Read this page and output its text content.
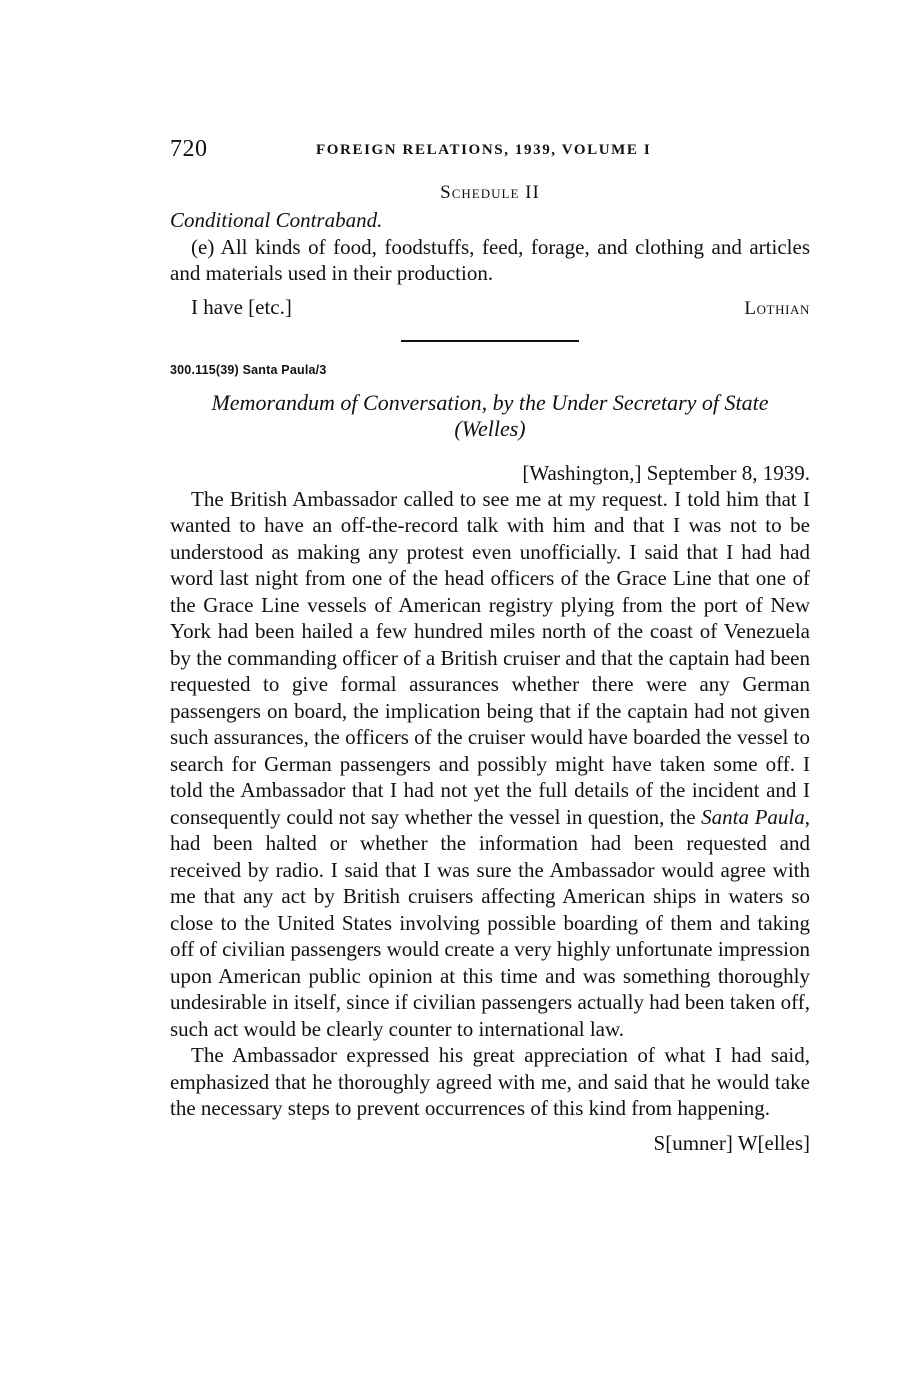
720	FOREIGN RELATIONS, 1939, VOLUME I
Schedule II
Conditional Contraband.
(e) All kinds of food, foodstuffs, feed, forage, and clothing and articles and materials used in their production.
I have [etc.]	Lothian
300.115(39) Santa Paula/3
Memorandum of Conversation, by the Under Secretary of State
(Welles)
[Washington,] September 8, 1939.

The British Ambassador called to see me at my request. I told him that I wanted to have an off-the-record talk with him and that I was not to be understood as making any protest even unofficially. I said that I had had word last night from one of the head officers of the Grace Line that one of the Grace Line vessels of American registry plying from the port of New York had been hailed a few hundred miles north of the coast of Venezuela by the commanding officer of a British cruiser and that the captain had been requested to give formal assurances whether there were any German passengers on board, the implication being that if the captain had not given such assurances, the officers of the cruiser would have boarded the vessel to search for German passengers and possibly might have taken some off. I told the Ambassador that I had not yet the full details of the incident and I consequently could not say whether the vessel in question, the Santa Paula, had been halted or whether the information had been requested and received by radio. I said that I was sure the Ambassador would agree with me that any act by British cruisers affecting American ships in waters so close to the United States involving possible boarding of them and taking off of civilian passengers would create a very highly unfortunate impression upon American public opinion at this time and was something thoroughly undesirable in itself, since if civilian passengers actually had been taken off, such act would be clearly counter to international law.

The Ambassador expressed his great appreciation of what I had said, emphasized that he thoroughly agreed with me, and said that he would take the necessary steps to prevent occurrences of this kind from happening.

S[umner] W[elles]
